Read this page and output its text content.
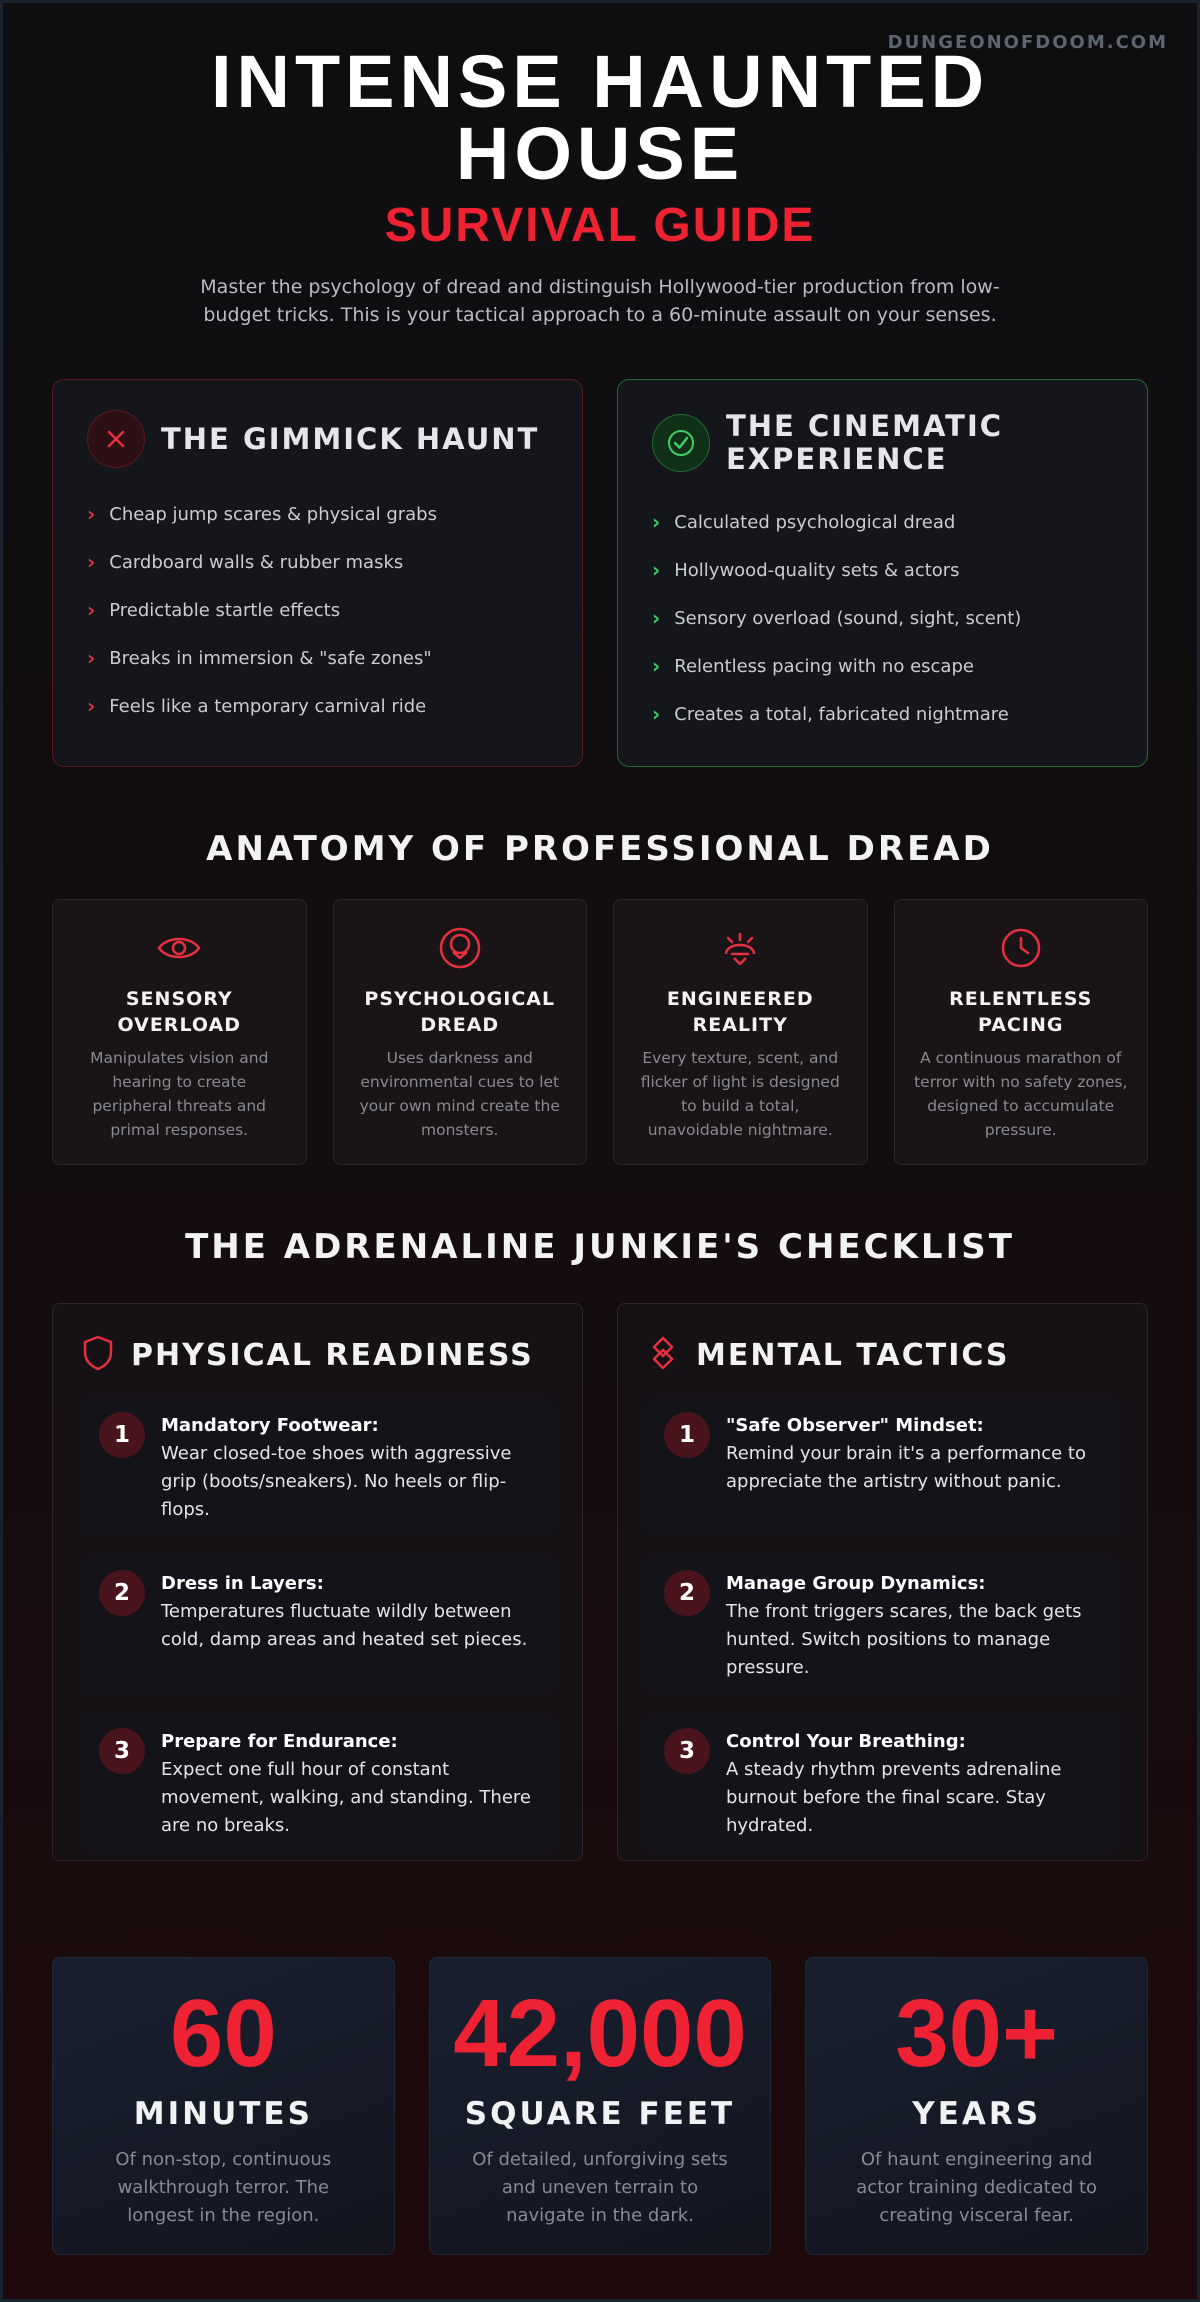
DUNGEONOFDOOM.COM
INTENSE HAUNTED HOUSE
SURVIVAL GUIDE

Master the psychology of dread and distinguish Hollywood-tier production from low-budget tricks. This is your tactical approach to a 60-minute assault on your senses.

THE GIMMICK HAUNT
› Cheap jump scares & physical grabs
› Cardboard walls & rubber masks
› Predictable startle effects
› Breaks in immersion & "safe zones"
› Feels like a temporary carnival ride
THE CINEMATIC EXPERIENCE
› Calculated psychological dread
› Hollywood-quality sets & actors
› Sensory overload (sound, sight, scent)
› Relentless pacing with no escape
› Creates a total, fabricated nightmare
ANATOMY OF PROFESSIONAL DREAD
SENSORY OVERLOAD
Manipulates vision and hearing to create peripheral threats and primal responses.
PSYCHOLOGICAL DREAD
Uses darkness and environmental cues to let your own mind create the monsters.
ENGINEERED REALITY
Every texture, scent, and flicker of light is designed to build a total, unavoidable nightmare.
RELENTLESS PACING
A continuous marathon of terror with no safety zones, designed to accumulate pressure.
THE ADRENALINE JUNKIE'S CHECKLIST
PHYSICAL READINESS
1	Mandatory Footwear:
Wear closed-toe shoes with aggressive grip (boots/sneakers). No heels or flip-flops.
2	Dress in Layers:
Temperatures fluctuate wildly between cold, damp areas and heated set pieces.
3	Prepare for Endurance:
Expect one full hour of constant movement, walking, and standing. There are no breaks.
MENTAL TACTICS
1	"Safe Observer" Mindset:
Remind your brain it's a performance to appreciate the artistry without panic.
2	Manage Group Dynamics:
The front triggers scares, the back gets hunted. Switch positions to manage pressure.
3	Control Your Breathing:
A steady rhythm prevents adrenaline burnout before the final scare. Stay hydrated.
60
MINUTES
Of non-stop, continuous walkthrough terror. The longest in the region.
42,000
SQUARE FEET
Of detailed, unforgiving sets and uneven terrain to navigate in the dark.
30+
YEARS
Of haunt engineering and actor training dedicated to creating visceral fear.
